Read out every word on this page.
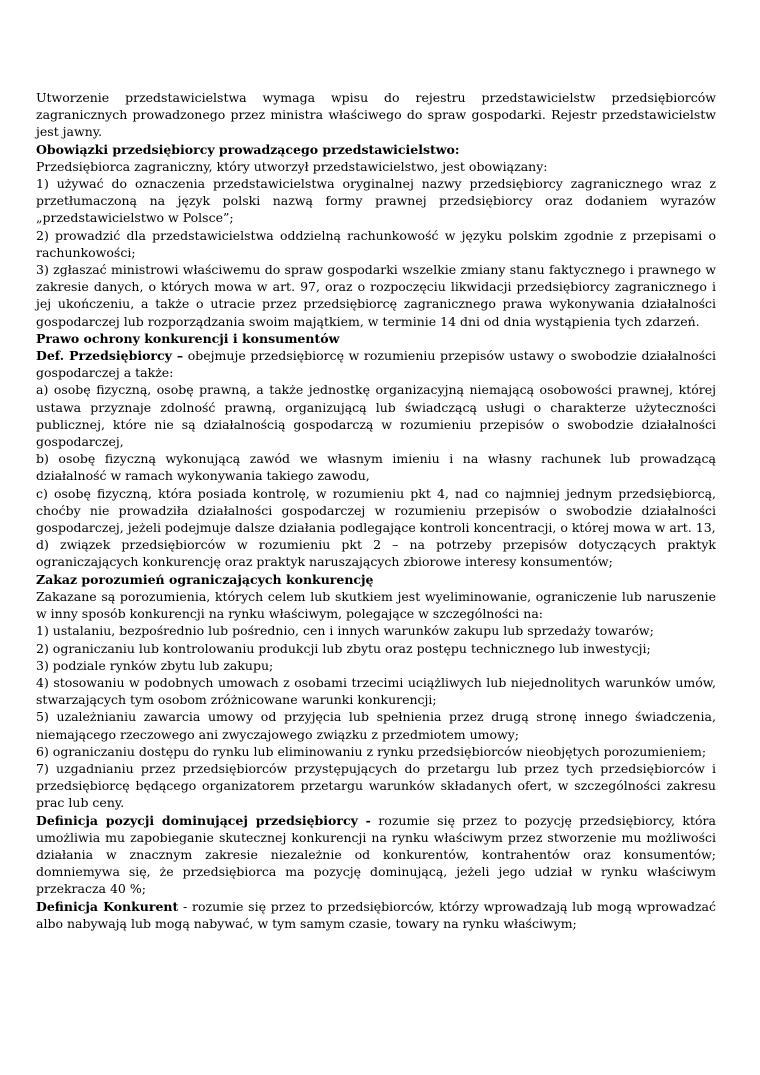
Utworzenie przedstawicielstwa wymaga wpisu do rejestru przedstawicielstw przedsiębiorców zagranicznych prowadzonego przez ministra właściwego do spraw gospodarki. Rejestr przedstawicielstw jest jawny.

Obowiązki przedsiębiorcy prowadzącego przedstawicielstwo:

Przedsiębiorca zagraniczny, który utworzył przedstawicielstwo, jest obowiązany:

1) używać do oznaczenia przedstawicielstwa oryginalnej nazwy przedsiębiorcy zagranicznego wraz z przetłumaczoną na język polski nazwą formy prawnej przedsiębiorcy oraz dodaniem wyrazów „przedstawicielstwo w Polsce”;

2) prowadzić dla przedstawicielstwa oddzielną rachunkowość w języku polskim zgodnie z przepisami o rachunkowości;

3) zgłaszać ministrowi właściwemu do spraw gospodarki wszelkie zmiany stanu faktycznego i prawnego w zakresie danych, o których mowa w art. 97, oraz o rozpoczęciu likwidacji przedsiębiorcy zagranicznego i jej ukończeniu, a także o utracie przez przedsiębiorcę zagranicznego prawa wykonywania działalności gospodarczej lub rozporządzania swoim majątkiem, w terminie 14 dni od dnia wystąpienia tych zdarzeń.

Prawo ochrony konkurencji i konsumentów

Def. Przedsiębiorcy – obejmuje przedsiębiorcę w rozumieniu przepisów ustawy o swobodzie działalności gospodarczej a także:

a) osobę fizyczną, osobę prawną, a także jednostkę organizacyjną niemającą osobowości prawnej, której ustawa przyznaje zdolność prawną, organizującą lub świadczącą usługi o charakterze użyteczności publicznej, które nie są działalnością gospodarczą w rozumieniu przepisów o swobodzie działalności gospodarczej,

b) osobę fizyczną wykonującą zawód we własnym imieniu i na własny rachunek lub prowadzącą działalność w ramach wykonywania takiego zawodu,

c) osobę fizyczną, która posiada kontrolę, w rozumieniu pkt 4, nad co najmniej jednym przedsiębiorcą, choćby nie prowadziła działalności gospodarczej w rozumieniu przepisów o swobodzie działalności gospodarczej, jeżeli podejmuje dalsze działania podlegające kontroli koncentracji, o której mowa w art. 13,

d) związek przedsiębiorców w rozumieniu pkt 2 – na potrzeby przepisów dotyczących praktyk ograniczających konkurencję oraz praktyk naruszających zbiorowe interesy konsumentów;

Zakaz porozumień ograniczających konkurencję

Zakazane są porozumienia, których celem lub skutkiem jest wyeliminowanie, ograniczenie lub naruszenie w inny sposób konkurencji na rynku właściwym, polegające w szczególności na:

1) ustalaniu, bezpośrednio lub pośrednio, cen i innych warunków zakupu lub sprzedaży towarów;

2) ograniczaniu lub kontrolowaniu produkcji lub zbytu oraz postępu technicznego lub inwestycji;

3) podziale rynków zbytu lub zakupu;

4) stosowaniu w podobnych umowach z osobami trzecimi uciążliwych lub niejednolitych warunków umów, stwarzających tym osobom zróżnicowane warunki konkurencji;

5) uzależnianiu zawarcia umowy od przyjęcia lub spełnienia przez drugą stronę innego świadczenia, niemającego rzeczowego ani zwyczajowego związku z przedmiotem umowy;

6) ograniczaniu dostępu do rynku lub eliminowaniu z rynku przedsiębiorców nieobjętych porozumieniem;

7) uzgadnianiu przez przedsiębiorców przystępujących do przetargu lub przez tych przedsiębiorców i przedsiębiorcę będącego organizatorem przetargu warunków składanych ofert, w szczególności zakresu prac lub ceny.

Definicja pozycji dominującej przedsiębiorcy - rozumie się przez to pozycję przedsiębiorcy, która umożliwia mu zapobieganie skutecznej konkurencji na rynku właściwym przez stworzenie mu możliwości działania w znacznym zakresie niezależnie od konkurentów, kontrahentów oraz konsumentów; domniemywa się, że przedsiębiorca ma pozycję dominującą, jeżeli jego udział w rynku właściwym przekracza 40 %;

Definicja Konkurent - rozumie się przez to przedsiębiorców, którzy wprowadzają lub mogą wprowadzać albo nabywają lub mogą nabywać, w tym samym czasie, towary na rynku właściwym;
